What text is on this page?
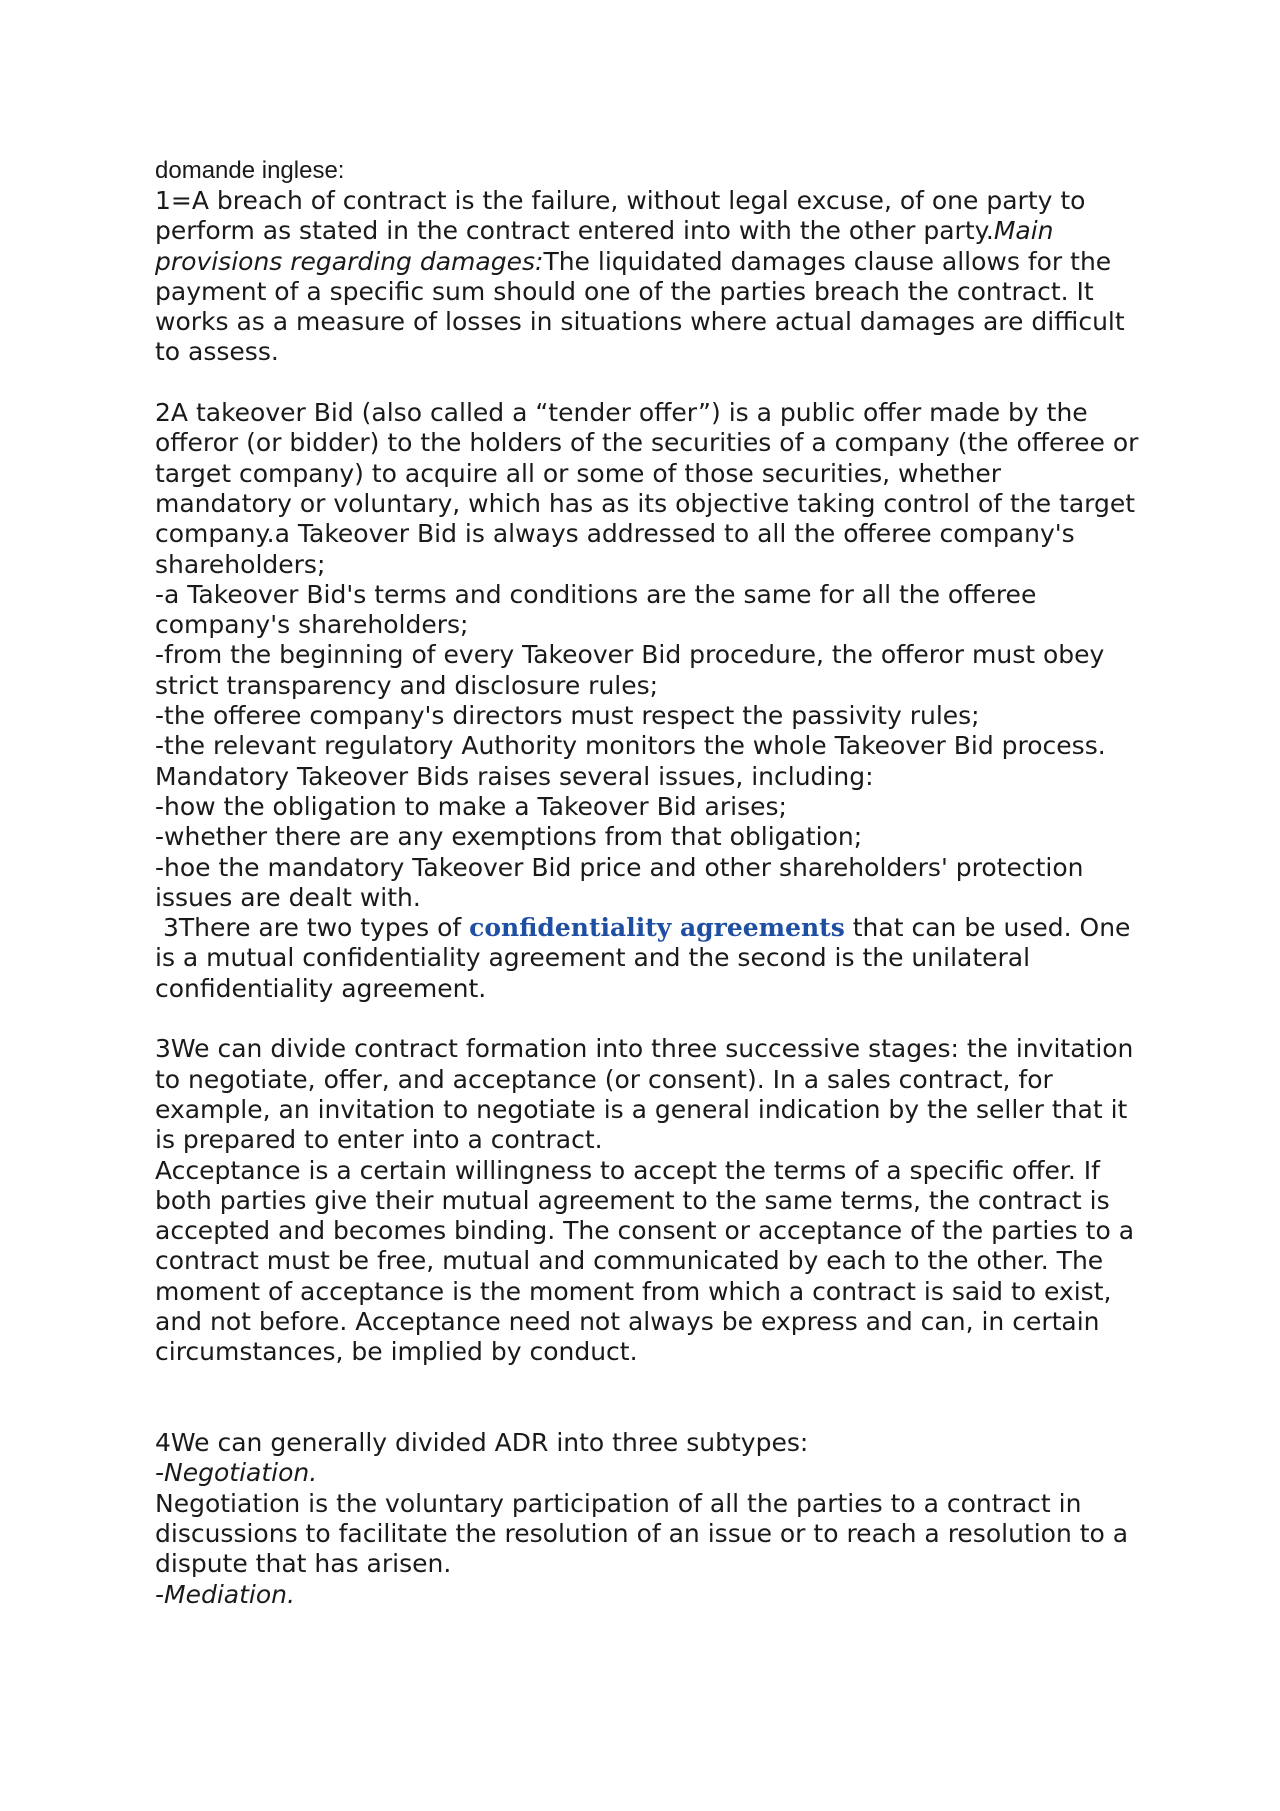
domande inglese:

1=A breach of contract is the failure, without legal excuse, of one party to perform as stated in the contract entered into with the other party.Main provisions regarding damages:The liquidated damages clause allows for the payment of a specific sum should one of the parties breach the contract. It works as a measure of losses in situations where actual damages are difficult to assess.

2A takeover Bid (also called a “tender offer”) is a public offer made by the offeror (or bidder) to the holders of the securities of a company (the offeree or target company) to acquire all or some of those securities, whether mandatory or voluntary, which has as its objective taking control of the target company.a Takeover Bid is always addressed to all the offeree company's shareholders;

-a Takeover Bid's terms and conditions are the same for all the offeree company's shareholders;

-from the beginning of every Takeover Bid procedure, the offeror must obey strict transparency and disclosure rules;

-the offeree company's directors must respect the passivity rules;

-the relevant regulatory Authority monitors the whole Takeover Bid process.

Mandatory Takeover Bids raises several issues, including:

-how the obligation to make a Takeover Bid arises;

-whether there are any exemptions from that obligation;

-hoe the mandatory Takeover Bid price and other shareholders' protection issues are dealt with.

3There are two types of confidentiality agreements that can be used. One is a mutual confidentiality agreement and the second is the unilateral confidentiality agreement.

3We can divide contract formation into three successive stages: the invitation to negotiate, offer, and acceptance (or consent). In a sales contract, for example, an invitation to negotiate is a general indication by the seller that it is prepared to enter into a contract.

Acceptance is a certain willingness to accept the terms of a specific offer. If both parties give their mutual agreement to the same terms, the contract is accepted and becomes binding. The consent or acceptance of the parties to a contract must be free, mutual and communicated by each to the other. The moment of acceptance is the moment from which a contract is said to exist, and not before. Acceptance need not always be express and can, in certain circumstances, be implied by conduct.

4We can generally divided ADR into three subtypes:

-Negotiation.

Negotiation is the voluntary participation of all the parties to a contract in discussions to facilitate the resolution of an issue or to reach a resolution to a dispute that has arisen.

-Mediation.
